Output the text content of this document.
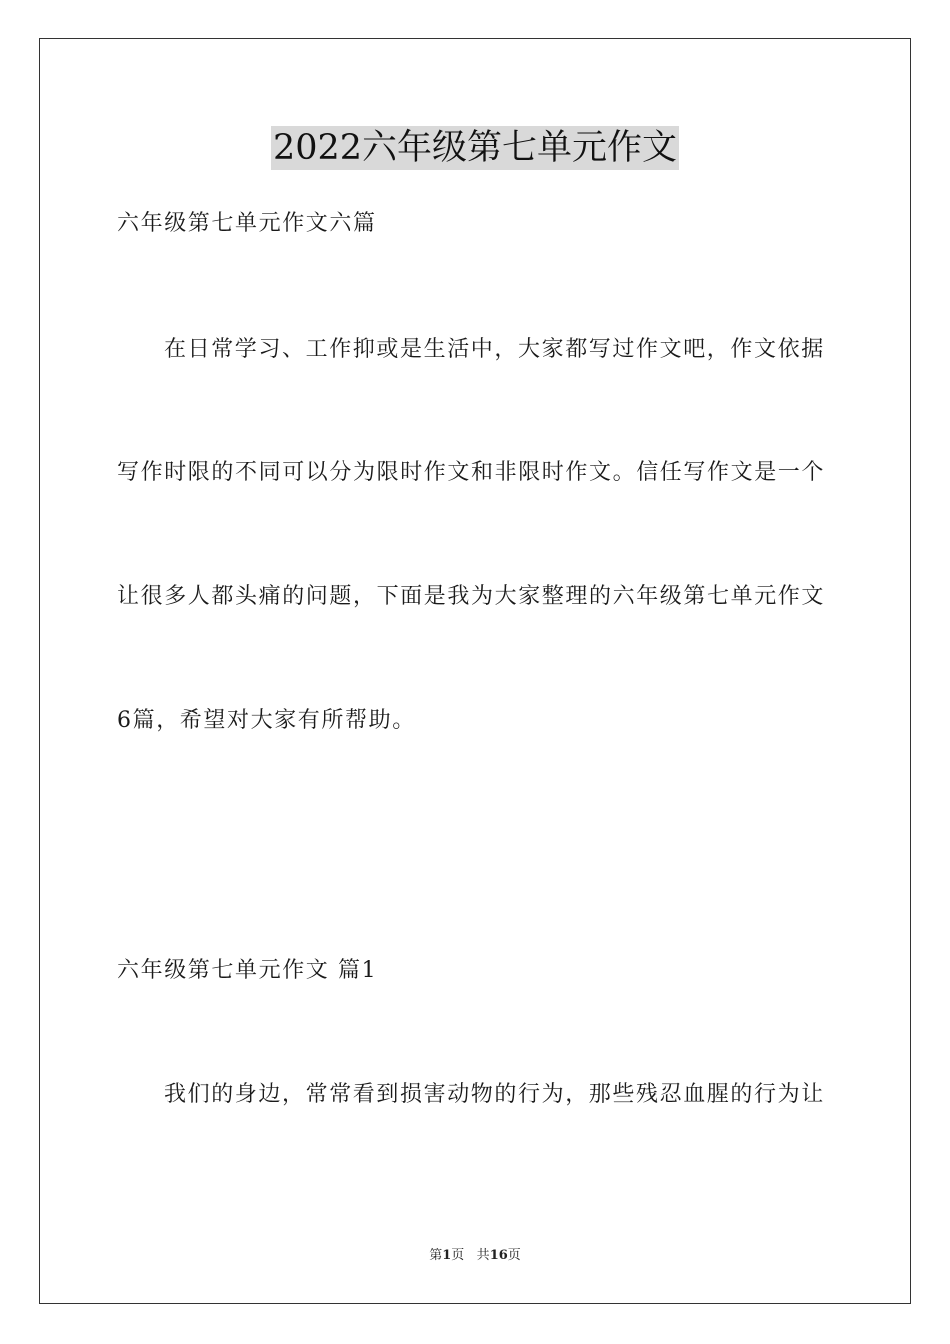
2022六年级第七单元作文
六年级第七单元作文六篇
在日常学习、工作抑或是生活中，大家都写过作文吧，作文依据
写作时限的不同可以分为限时作文和非限时作文。信任写作文是一个
让很多人都头痛的问题，下面是我为大家整理的六年级第七单元作文
6篇，希望对大家有所帮助。
六年级第七单元作文 篇1
我们的身边，常常看到损害动物的行为，那些残忍血腥的行为让
第1页 共16页
